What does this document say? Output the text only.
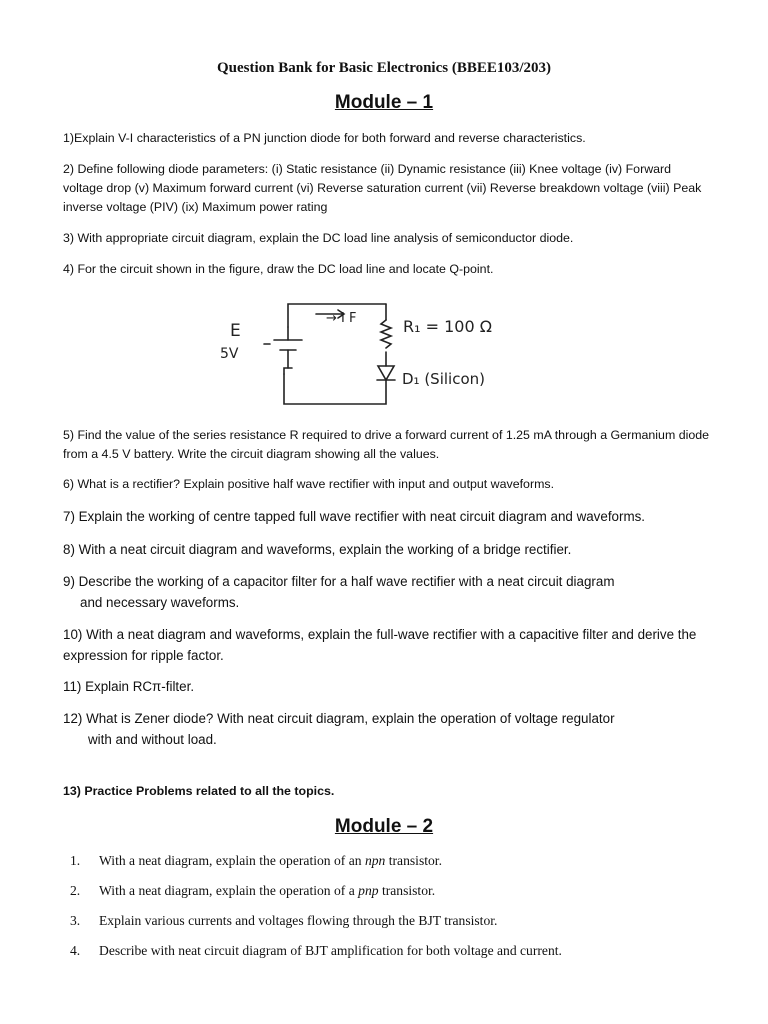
Question Bank for Basic Electronics (BBEE103/203)
Module – 1
1)Explain V-I characteristics of a PN junction diode for both forward and reverse characteristics.
2) Define following diode parameters: (i) Static resistance (ii) Dynamic resistance (iii) Knee voltage (iv) Forward voltage drop (v) Maximum forward current (vi) Reverse saturation current (vii) Reverse breakdown voltage (viii) Peak inverse voltage (PIV) (ix) Maximum power rating
3) With appropriate circuit diagram, explain the DC load line analysis of semiconductor diode.
4) For the circuit shown in the figure, draw the DC load line and locate Q-point.
E
5V
→ I F	R₁ = 100 Ω
D₁ (Silicon)
5) Find the value of the series resistance R required to drive a forward current of 1.25 mA through a Germanium diode from a 4.5 V battery. Write the circuit diagram showing all the values.
6) What is a rectifier? Explain positive half wave rectifier with input and output waveforms.
7) Explain the working of centre tapped full wave rectifier with neat circuit diagram and waveforms.
8) With a neat circuit diagram and waveforms, explain the working of a bridge rectifier.
9) Describe the working of a capacitor filter for a half wave rectifier with a neat circuit diagram
and necessary waveforms.
10) With a neat diagram and waveforms, explain the full-wave rectifier with a capacitive filter and derive the expression for ripple factor.
11) Explain RCπ-filter.
12) What is Zener diode? With neat circuit diagram, explain the operation of voltage regulator
with and without load.
13) Practice Problems related to all the topics.
Module – 2
1. With a neat diagram, explain the operation of an npn transistor.
2. With a neat diagram, explain the operation of a pnp transistor.
3. Explain various currents and voltages flowing through the BJT transistor.
4. Describe with neat circuit diagram of BJT amplification for both voltage and current.
